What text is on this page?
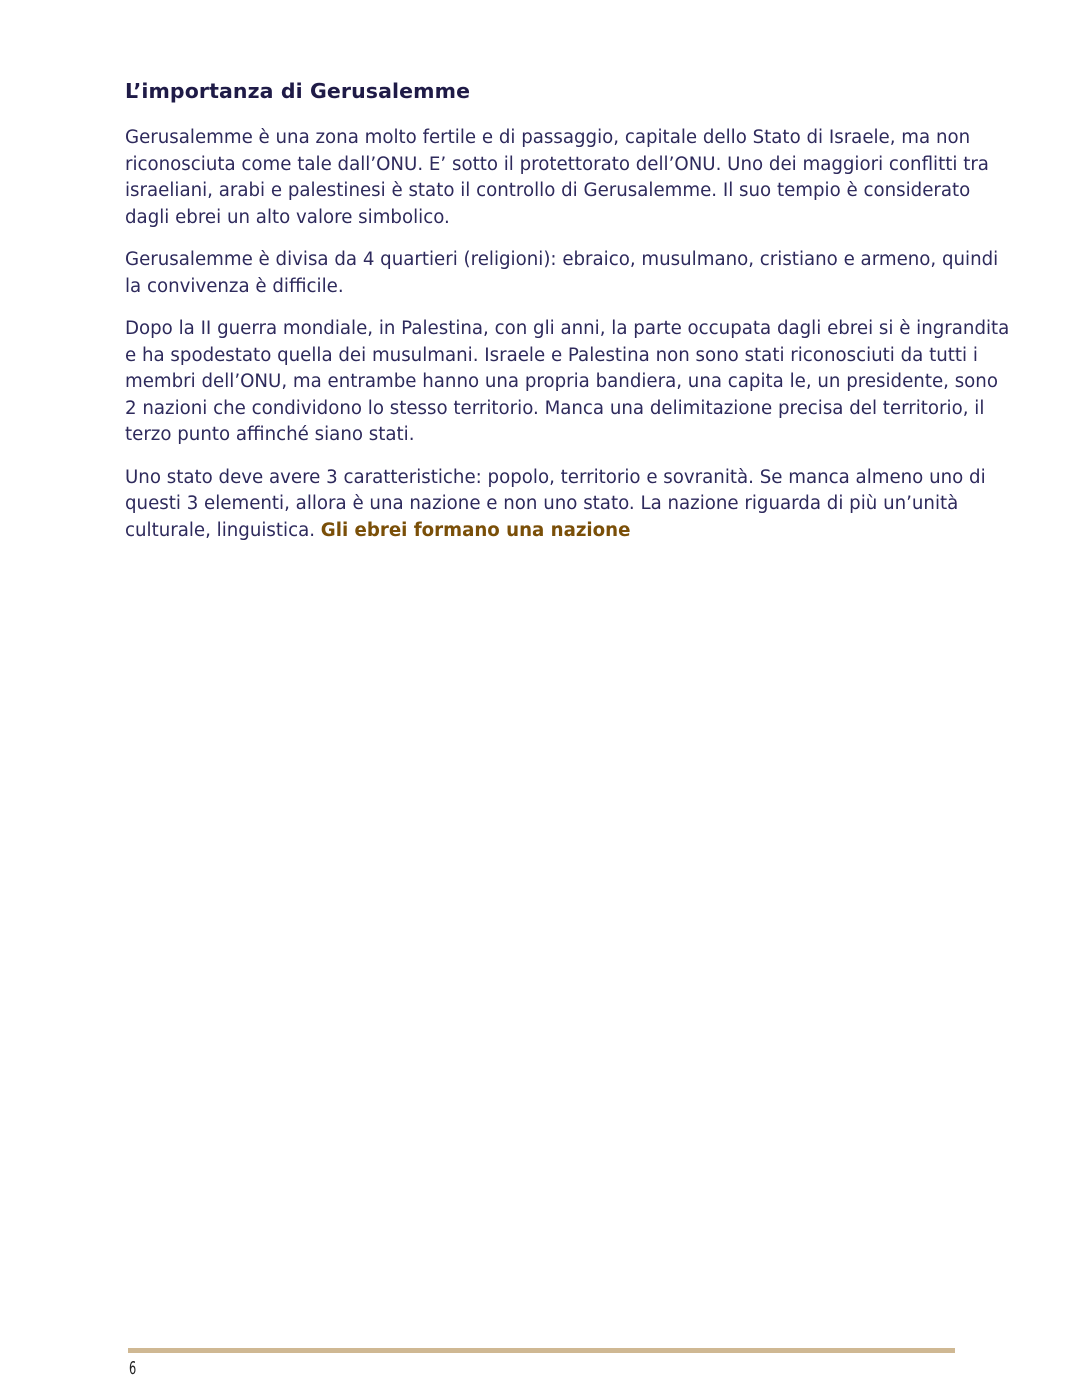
L’importanza di Gerusalemme

Gerusalemme è una zona molto fertile e di passaggio, capitale dello Stato di Israele, ma non
riconosciuta come tale dall’ONU. E’ sotto il protettorato dell’ONU. Uno dei maggiori conflitti tra
israeliani, arabi e palestinesi è stato il controllo di Gerusalemme. Il suo tempio è considerato
dagli ebrei un alto valore simbolico.

Gerusalemme è divisa da 4 quartieri (religioni): ebraico, musulmano, cristiano e armeno, quindi
la convivenza è difficile.

Dopo la II guerra mondiale, in Palestina, con gli anni, la parte occupata dagli ebrei si è ingrandita
e ha spodestato quella dei musulmani. Israele e Palestina non sono stati riconosciuti da tutti i
membri dell’ONU, ma entrambe hanno una propria bandiera, una capita le, un presidente, sono
2 nazioni che condividono lo stesso territorio. Manca una delimitazione precisa del territorio, il
terzo punto affinché siano stati.

Uno stato deve avere 3 caratteristiche: popolo, territorio e sovranità. Se manca almeno uno di
questi 3 elementi, allora è una nazione e non uno stato. La nazione riguarda di più un’unità
culturale, linguistica. Gli ebrei formano una nazione

6
